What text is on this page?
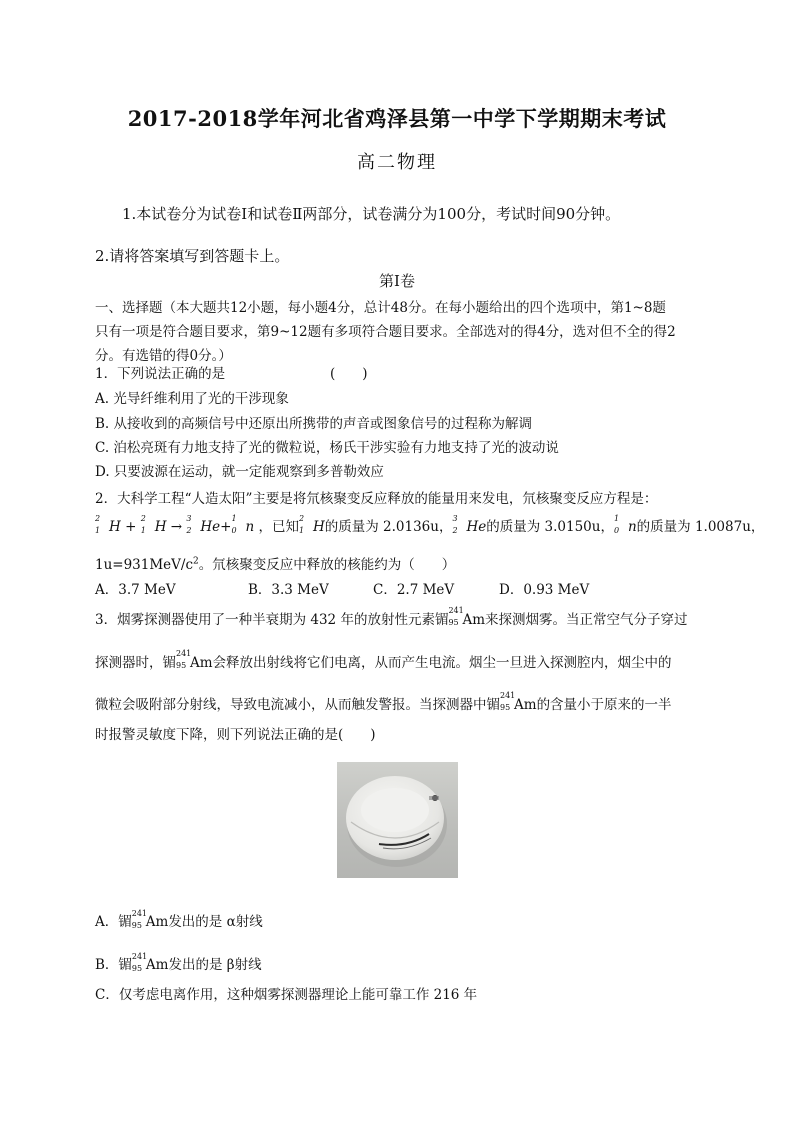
2017-2018学年河北省鸡泽县第一中学下学期期末考试
高二物理
1.本试卷分为试卷Ⅰ和试卷Ⅱ两部分，试卷满分为100分，考试时间90分钟。
2.请将答案填写到答题卡上。
第Ⅰ卷
一、选择题（本大题共12小题，每小题4分，总计48分。在每小题给出的四个选项中，第1~8题
只有一项是符合题目要求，第9~12题有多项符合题目要求。全部选对的得4分，选对但不全的得2
分。有选错的得0分。）
1．下列说法正确的是	(　　)
A. 光导纤维利用了光的干涉现象
B. 从接收到的高频信号中还原出所携带的声音或图象信号的过程称为解调
C. 泊松亮斑有力地支持了光的微粒说，杨氏干涉实验有力地支持了光的波动说
D. 只要波源在运动，就一定能观察到多普勒效应
2．大科学工程“人造太阳”主要是将氘核聚变反应释放的能量用来发电，氘核聚变反应方程是：
2
1 H +
2
1 H →
3
2 He+
1
0 n ，已知
2
1 H的质量为 2.0136u，
3
2 He的质量为 3.0150u，
1
0 n的质量为 1.0087u，
$1u=931MeV/c^2$。氘核聚变反应中释放的核能约为（　　）
A．3.7 MeV	B．3.3 MeV	C．2.7 MeV	D．0.93 MeV
3．烟雾探测器使用了一种半衰期为 432 年的放射性元素镅
241
95 Am来探测烟雾。当正常空气分子穿过
探测器时，镅
241
95 Am会释放出射线将它们电离，从而产生电流。烟尘一旦进入探测腔内，烟尘中的
微粒会吸附部分射线，导致电流减小，从而触发警报。当探测器中镅
241
95 Am的含量小于原来的一半
时报警灵敏度下降，则下列说法正确的是(　　)
A．镅
241
95 Am发出的是 α射线
B．镅
241
95 Am发出的是 β射线
C．仅考虑电离作用，这种烟雾探测器理论上能可靠工作 216 年
